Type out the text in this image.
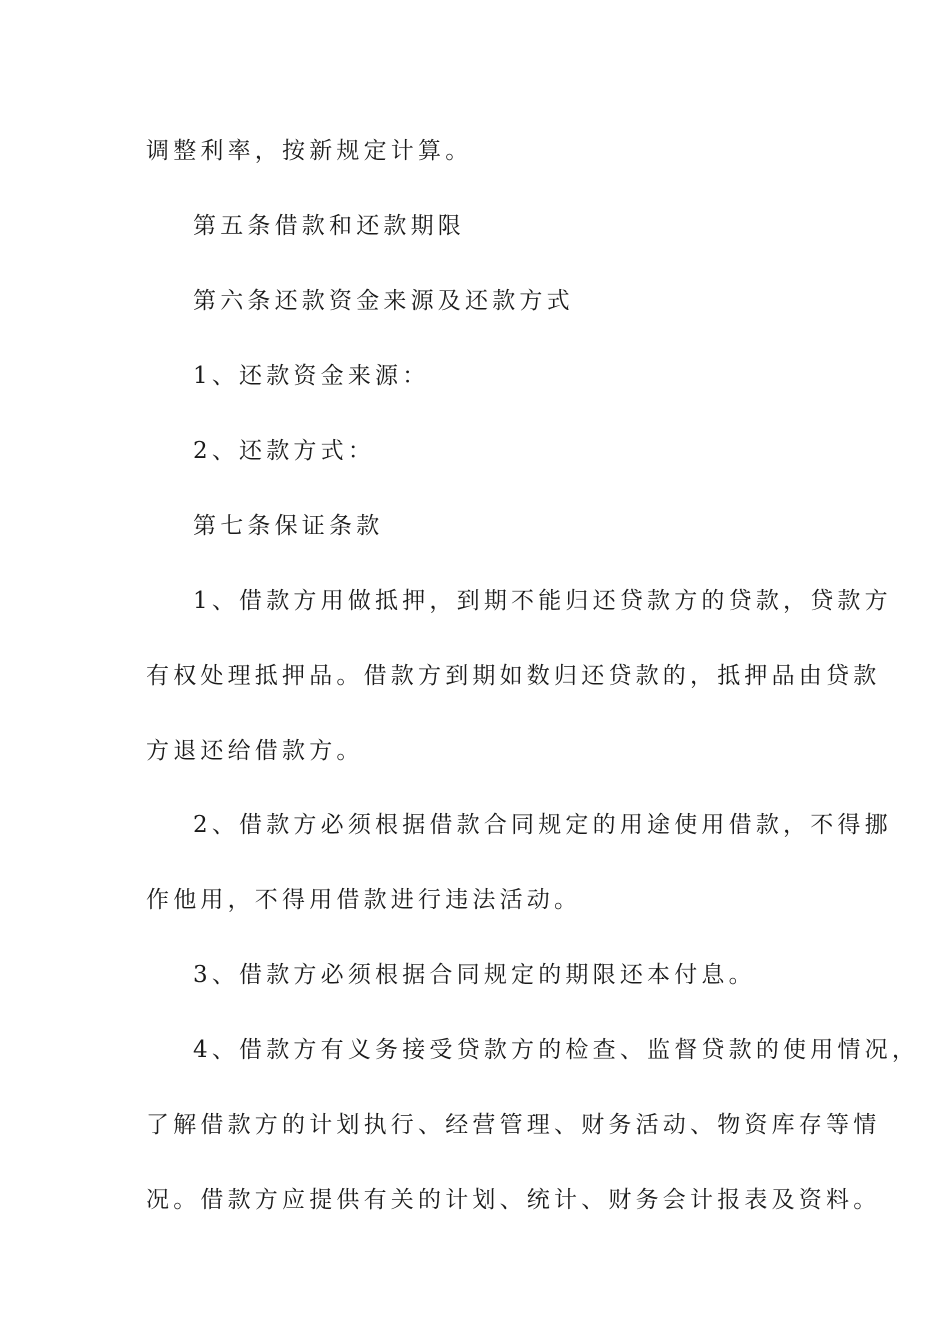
调整利率，按新规定计算。
第五条借款和还款期限
第六条还款资金来源及还款方式
1、还款资金来源：
2、还款方式：
第七条保证条款
1、借款方用做抵押，到期不能归还贷款方的贷款，贷款方
有权处理抵押品。借款方到期如数归还贷款的，抵押品由贷款
方退还给借款方。
2、借款方必须根据借款合同规定的用途使用借款，不得挪
作他用，不得用借款进行违法活动。
3、借款方必须根据合同规定的期限还本付息。
4、借款方有义务接受贷款方的检查、监督贷款的使用情况，
了解借款方的计划执行、经营管理、财务活动、物资库存等情
况。借款方应提供有关的计划、统计、财务会计报表及资料。
